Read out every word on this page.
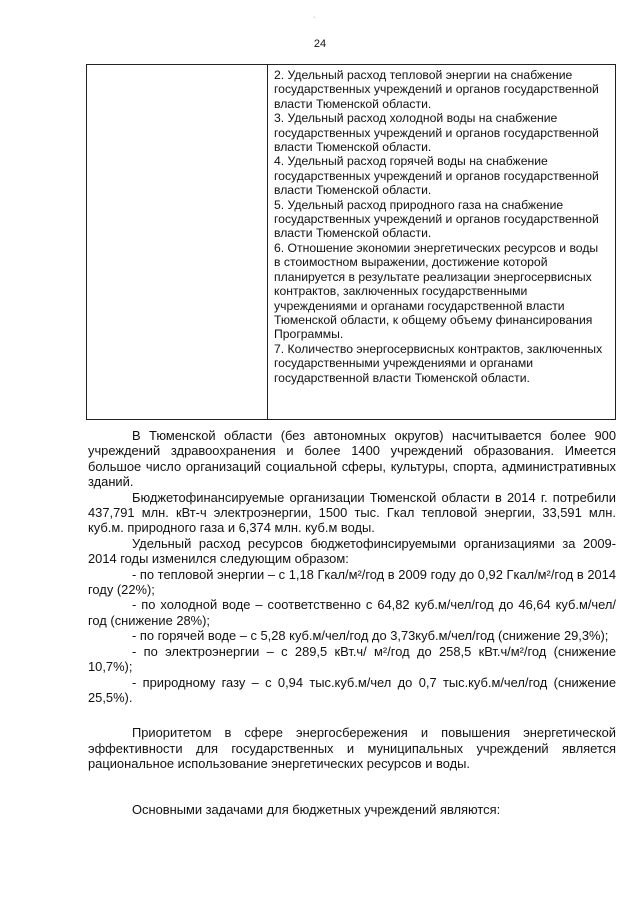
·
24

2. Удельный расход тепловой энергии на снабжение государственных учреждений и органов государственной власти Тюменской области.

3. Удельный расход холодной воды на снабжение государственных учреждений и органов государственной власти Тюменской области.

4. Удельный расход горячей воды на снабжение государственных учреждений и органов государственной власти Тюменской области.

5. Удельный расход природного газа на снабжение государственных учреждений и органов государственной власти Тюменской области.

6. Отношение экономии энергетических ресурсов и воды в стоимостном выражении, достижение которой планируется в результате реализации энергосервисных контрактов, заключенных государственными учреждениями и органами государственной власти Тюменской области, к общему объему финансирования Программы.

7. Количество энергосервисных контрактов, заключенных государственными учреждениями и органами государственной власти Тюменской области.

В Тюменской области (без автономных округов) насчитывается более 900 учреждений здравоохранения и более 1400 учреждений образования. Имеется большое число организаций социальной сферы, культуры, спорта, административных зданий.

Бюджетофинансируемые организации Тюменской области в 2014 г. потребили 437,791 млн. кВт-ч электроэнергии, 1500 тыс. Гкал тепловой энергии, 33,591 млн. куб.м. природного газа и 6,374 млн. куб.м воды.

Удельный расход ресурсов бюджетофинсируемыми организациями за 2009-2014 годы изменился следующим образом:

- по тепловой энергии – с 1,18 Гкал/м²/год в 2009 году до 0,92 Гкал/м²/год в 2014 году (22%);

- по холодной воде – соответственно с 64,82 куб.м/чел/год до 46,64 куб.м/чел/год (снижение 28%);

- по горячей воде – с 5,28 куб.м/чел/год до 3,73куб.м/чел/год (снижение 29,3%);

- по электроэнергии – с 289,5 кВт.ч/ м²/год до 258,5 кВт.ч/м²/год (снижение 10,7%);

- природному газу – с 0,94 тыс.куб.м/чел до 0,7 тыс.куб.м/чел/год (снижение 25,5%).

Приоритетом в сфере энергосбережения и повышения энергетической эффективности для государственных и муниципальных учреждений является рациональное использование энергетических ресурсов и воды.

Основными задачами для бюджетных учреждений являются:
